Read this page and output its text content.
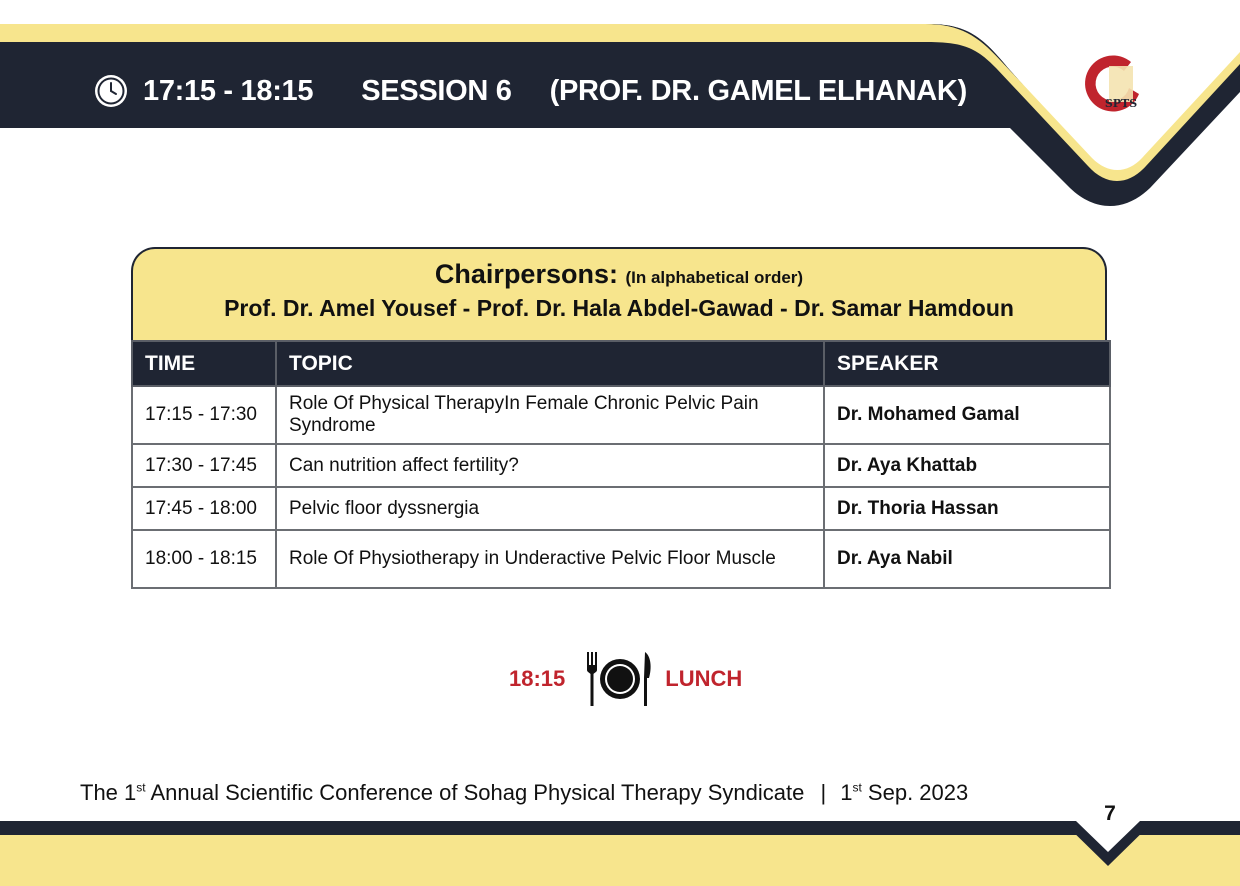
17:15 - 18:15 SESSION 6 (PROF. DR. GAMEL ELHANAK)	SPTS
Chairpersons: (In alphabetical order)
Prof. Dr. Amel Yousef - Prof. Dr. Hala Abdel-Gawad - Dr. Samar Hamdoun
TIME	TOPIC	SPEAKER
17:15 - 17:30	Role Of Physical TherapyIn Female Chronic Pelvic Pain Syndrome	Dr. Mohamed Gamal
17:30 - 17:45	Can nutrition affect fertility?	Dr. Aya Khattab
17:45 - 18:00	Pelvic floor dyssnergia	Dr. Thoria Hassan
18:00 - 18:15	Role Of Physiotherapy in Underactive Pelvic Floor Muscle	Dr. Aya Nabil
18:15	LUNCH
The 1st Annual Scientific Conference of Sohag Physical Therapy Syndicate | 1st Sep. 2023
7
